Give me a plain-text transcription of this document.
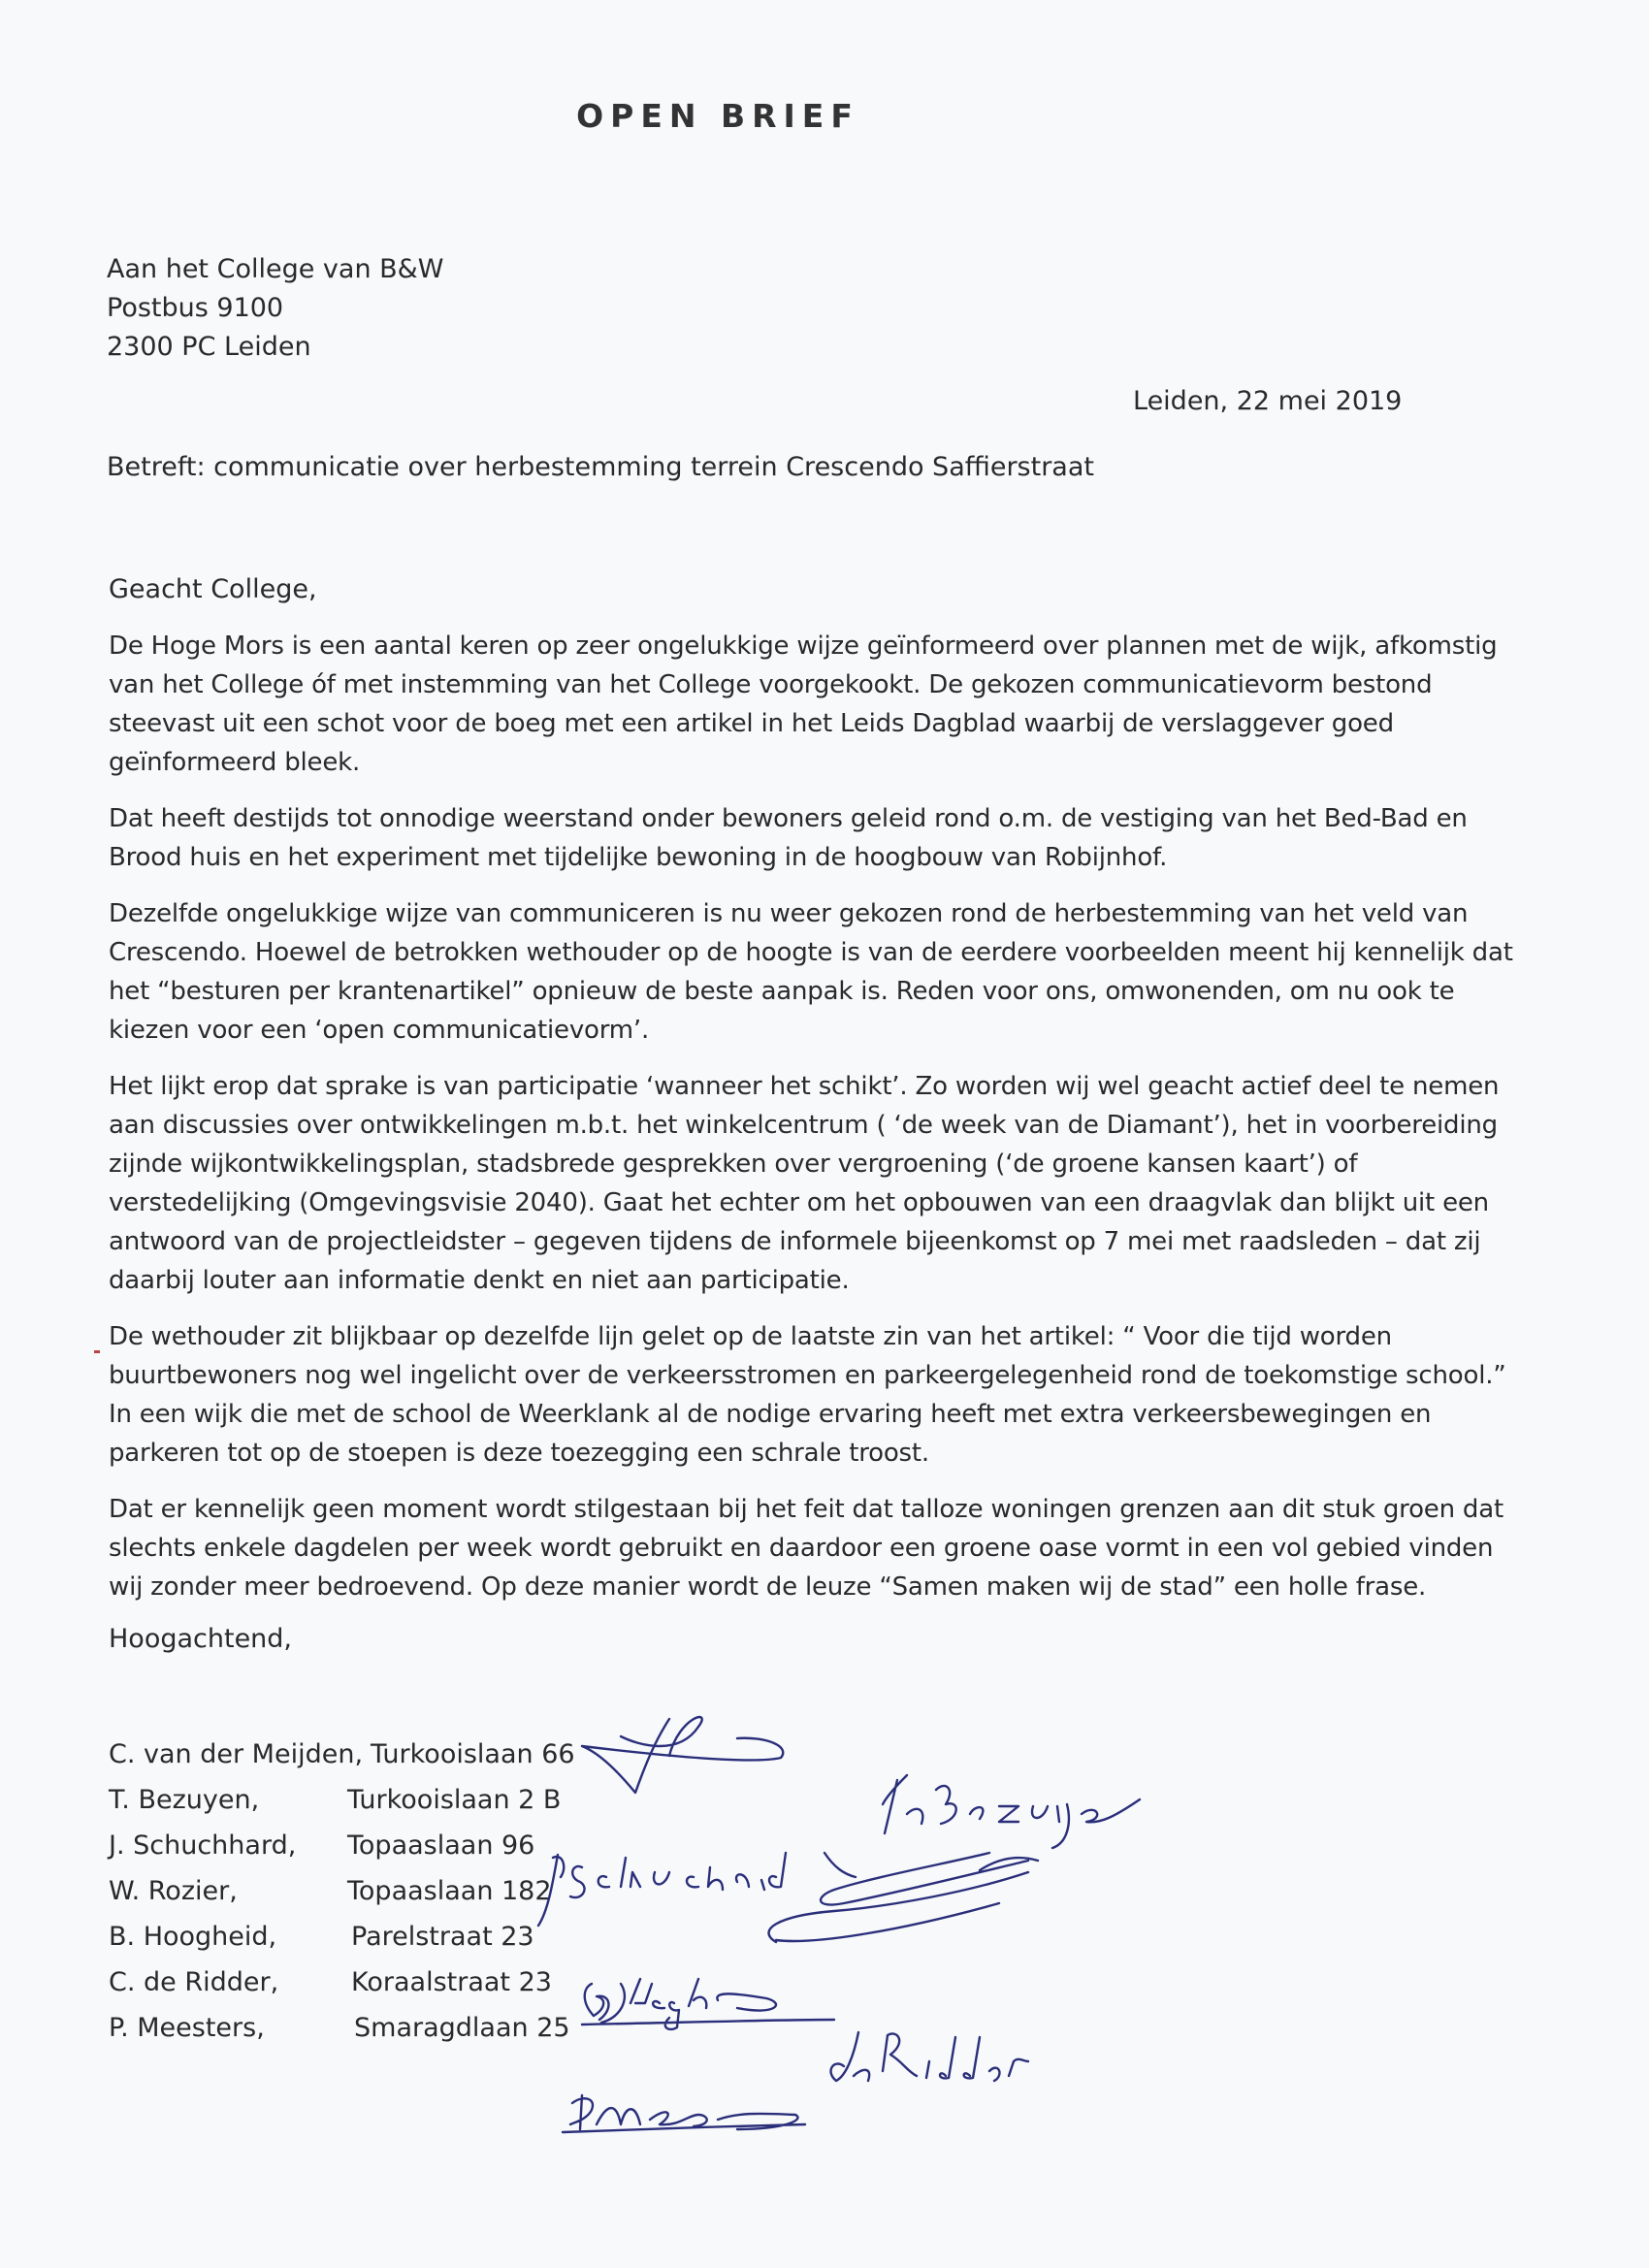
OPEN BRIEF
Aan het College van B&W
Postbus 9100
2300 PC Leiden
Leiden, 22 mei 2019
Betreft: communicatie over herbestemming terrein Crescendo Saffierstraat
Geacht College,

De Hoge Mors is een aantal keren op zeer ongelukkige wijze geïnformeerd over plannen met de wijk, afkomstig van het College óf met instemming van het College voorgekookt. De gekozen communicatievorm bestond steevast uit een schot voor de boeg met een artikel in het Leids Dagblad waarbij de verslaggever goed geïnformeerd bleek.

Dat heeft destijds tot onnodige weerstand onder bewoners geleid rond o.m. de vestiging van het Bed-Bad en Brood huis en het experiment met tijdelijke bewoning in de hoogbouw van Robijnhof.

Dezelfde ongelukkige wijze van communiceren is nu weer gekozen rond de herbestemming van het veld van Crescendo. Hoewel de betrokken wethouder op de hoogte is van de eerdere voorbeelden meent hij kennelijk dat het “besturen per krantenartikel” opnieuw de beste aanpak is. Reden voor ons, omwonenden, om nu ook te kiezen voor een ‘open communicatievorm’.

Het lijkt erop dat sprake is van participatie ‘wanneer het schikt’. Zo worden wij wel geacht actief deel te nemen aan discussies over ontwikkelingen m.b.t. het winkelcentrum ( ‘de week van de Diamant’), het in voorbereiding zijnde wijkontwikkelingsplan, stadsbrede gesprekken over vergroening (‘de groene kansen kaart’) of verstedelijking (Omgevingsvisie 2040). Gaat het echter om het opbouwen van een draagvlak dan blijkt uit een antwoord van de projectleidster – gegeven tijdens de informele bijeenkomst op 7 mei met raadsleden – dat zij daarbij louter aan informatie denkt en niet aan participatie.

De wethouder zit blijkbaar op dezelfde lijn gelet op de laatste zin van het artikel: “ Voor die tijd worden buurtbewoners nog wel ingelicht over de verkeersstromen en parkeergelegenheid rond de toekomstige school.” In een wijk die met de school de Weerklank al de nodige ervaring heeft met extra verkeersbewegingen en parkeren tot op de stoepen is deze toezegging een schrale troost.

Dat er kennelijk geen moment wordt stilgestaan bij het feit dat talloze woningen grenzen aan dit stuk groen dat slechts enkele dagdelen per week wordt gebruikt en daardoor een groene oase vormt in een vol gebied vinden wij zonder meer bedroevend. Op deze manier wordt de leuze “Samen maken wij de stad” een holle frase.

Hoogachtend,
C. van der Meijden, Turkooislaan 66
T. Bezuyen,	Turkooislaan 2 B
J. Schuchhard, Topaaslaan 96
W. Rozier,	Topaaslaan 182
B. Hoogheid,	Parelstraat 23
C. de Ridder,	Koraalstraat 23
P. Meesters,	Smaragdlaan 25
